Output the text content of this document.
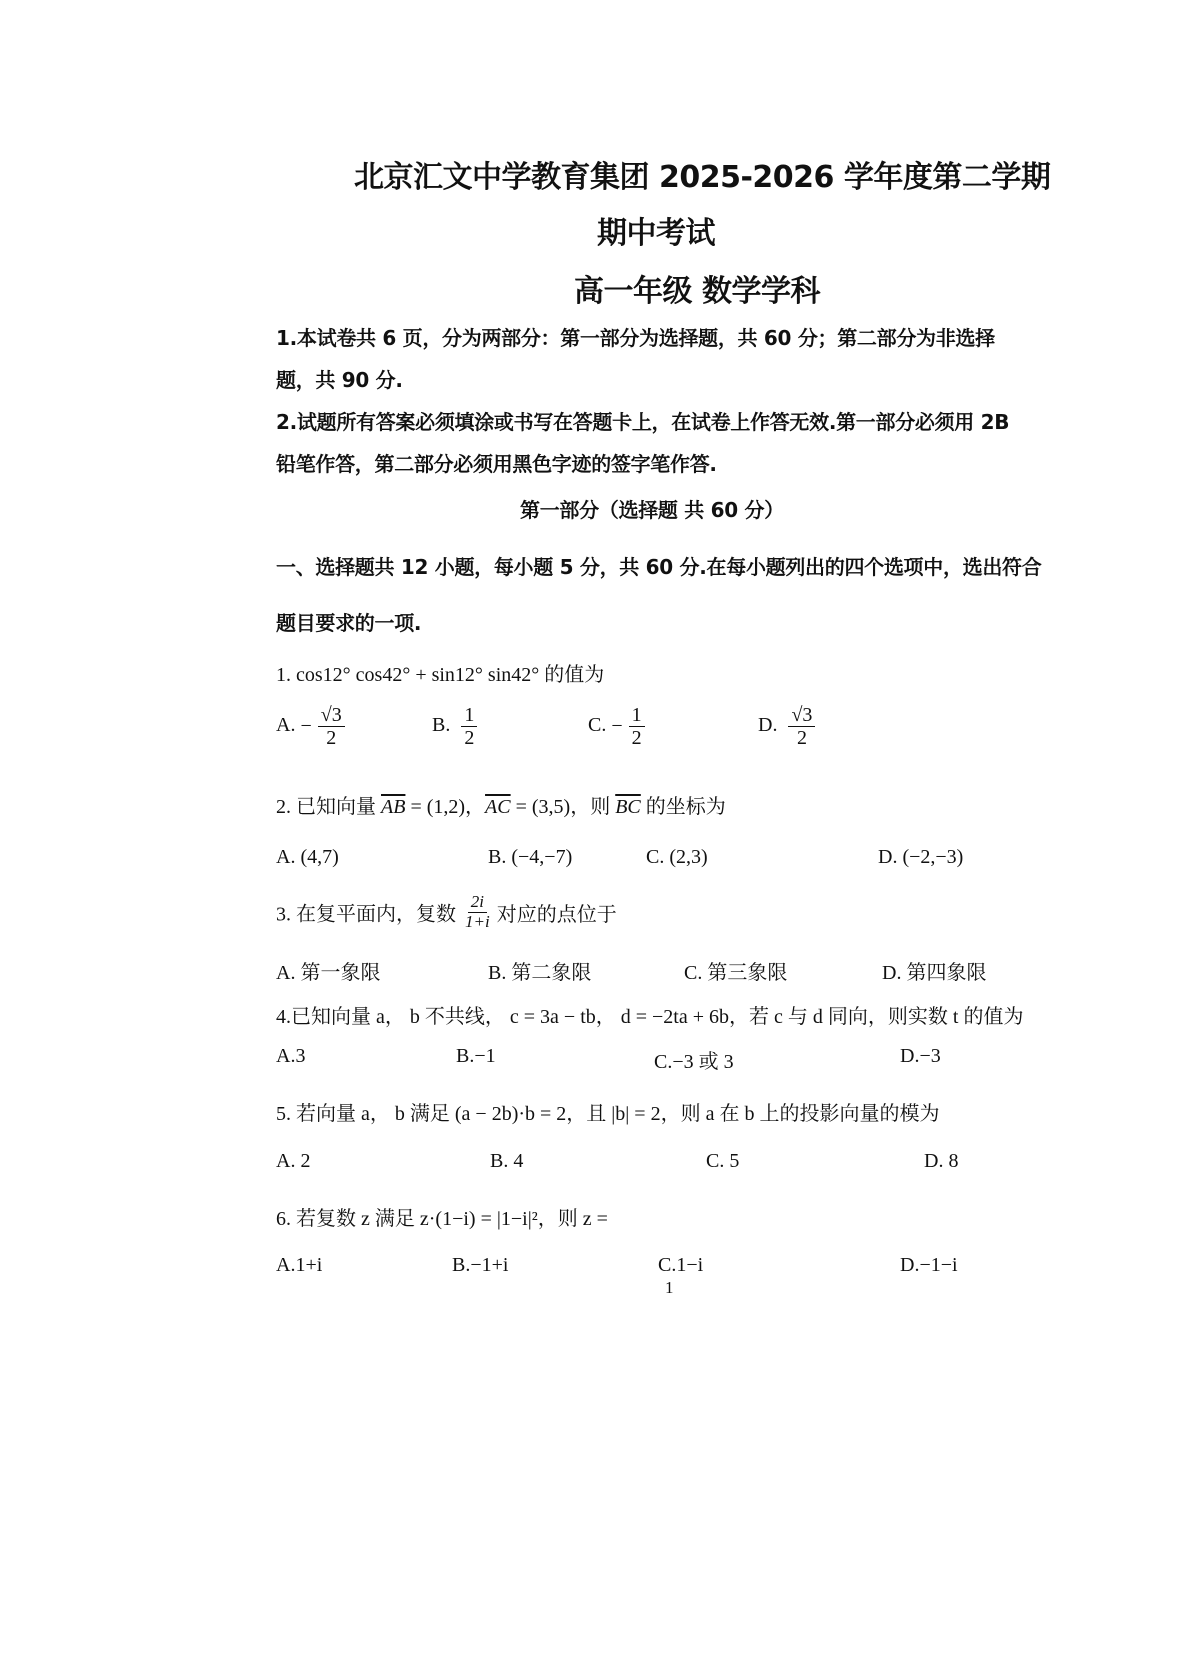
北京汇文中学教育集团 2025-2026 学年度第二学期
期中考试
高一年级 数学学科
1.本试卷共 6 页，分为两部分：第一部分为选择题，共 60 分；第二部分为非选择
题，共 90 分.
2.试题所有答案必须填涂或书写在答题卡上，在试卷上作答无效.第一部分必须用 2B
铅笔作答，第二部分必须用黑色字迹的签字笔作答.
第一部分（选择题 共 60 分）
一、选择题共 12 小题，每小题 5 分，共 60 分.在每小题列出的四个选项中，选出符合
题目要求的一项.
1. cos12° cos42° + sin12° sin42° 的值为
A. − $\frac{√3}{2}$	B. $\frac{1}{2}$	C. − $\frac{1}{2}$	D. $\frac{√3}{2}$
2. 已知向量 $\overline{AB} = (1,2)$，$\overline{AC} = (3,5)$，则 $\overline{BC}$ 的坐标为
A. (4,7)	B. (−4,−7)	C. (2,3)	D. (−2,−3)
3. 在复平面内，复数 $\frac{2i}{1+i}$ 对应的点位于
A. 第一象限	B. 第二象限	C. 第三象限	D. 第四象限
4.已知向量 a， b 不共线， c = 3a − tb， d = −2ta + 6b，若 c 与 d 同向，则实数 t 的值为
A.3	B.−1	C.−3 或 3	D.−3
5. 若向量 a， b 满足 (a − 2b)·b = 2，且 |b| = 2，则 a 在 b 上的投影向量的模为
A. 2	B. 4	C. 5	D. 8
6. 若复数 z 满足 z·(1−i) = |1−i|²，则 z =
A.1+i	B.−1+i	C.1−i	D.−1−i
1
